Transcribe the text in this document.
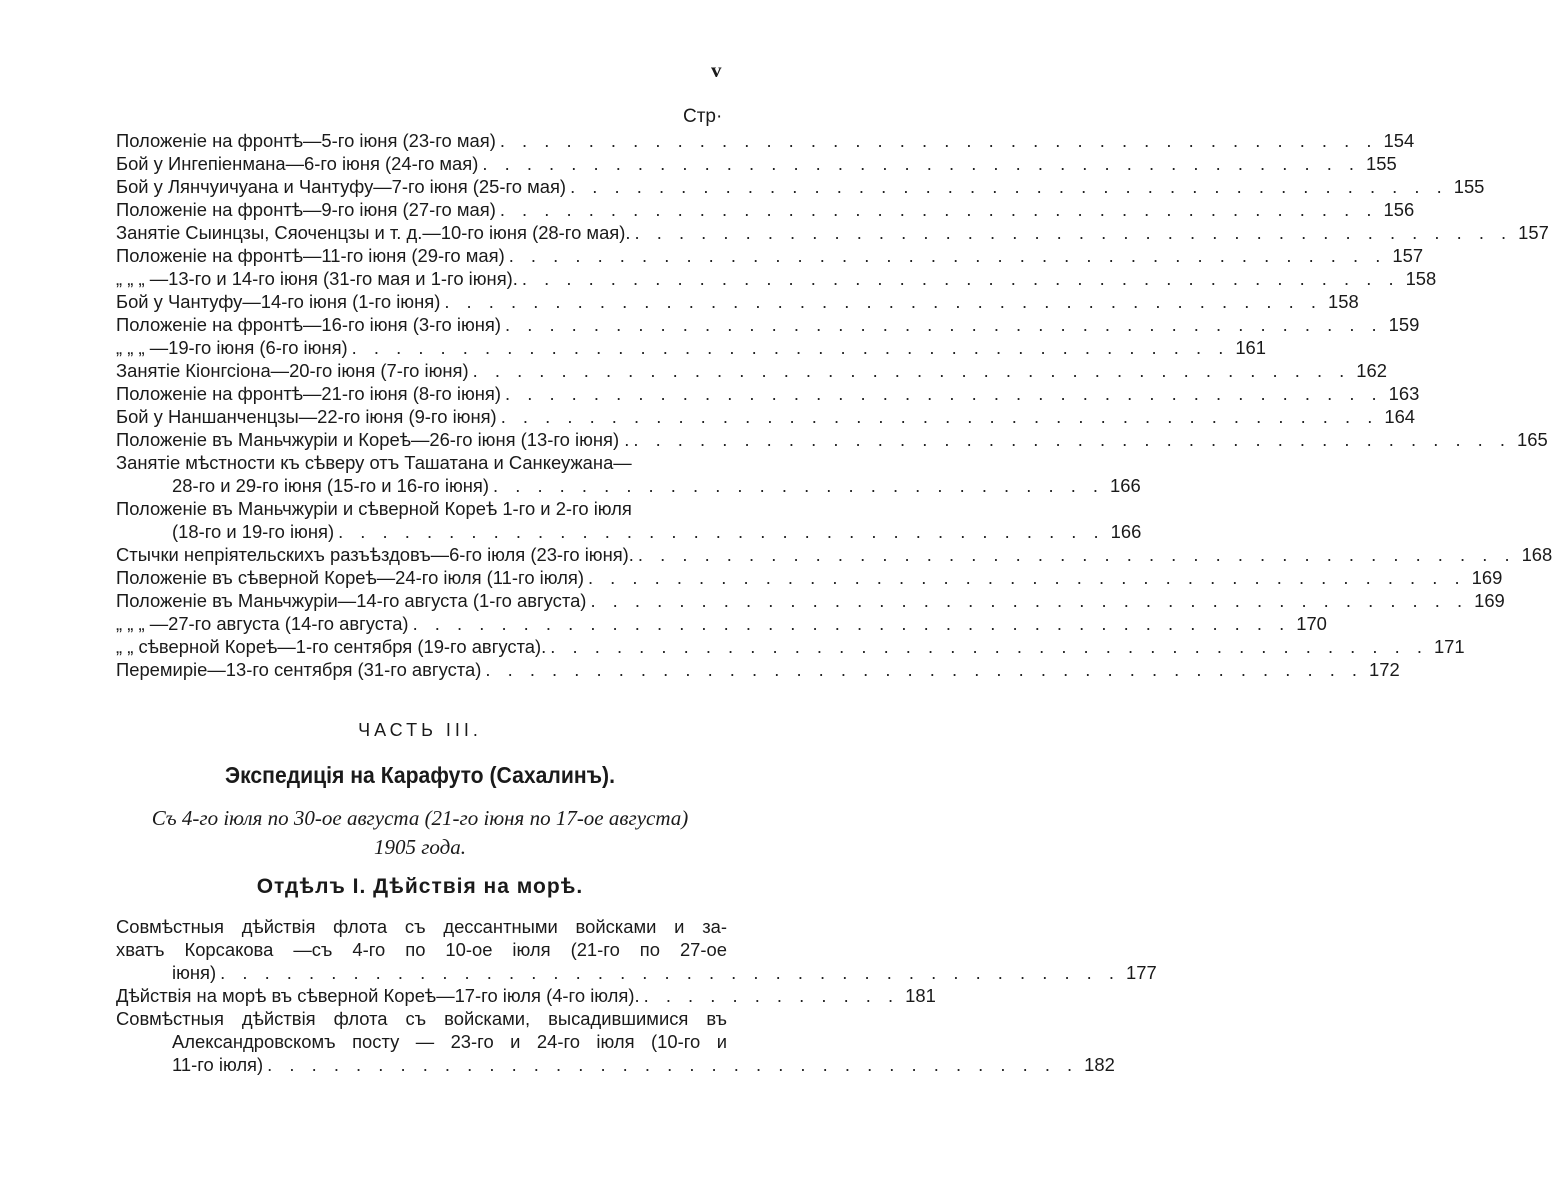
v
Стр·
Положеніе на фронтѣ—5-го іюня (23-го мая) . . . . . . . . . . . . . . . . . . . . . . . . . . . . . . . . . . . . . . . . 154
Бой у Ингепіенмана—6-го іюня (24-го мая) . . . . . . . . . . . . . . . . . . . . . . . . . . . . . . . . . . . . . . . . 155
Бой у Лянчуичуана и Чантуфу—7-го іюня (25-го мая) . . . . . . . . . . . . . . . . . . . . . . . . . . . . . . . . . . . . . . . . 155
Положеніе на фронтѣ—9-го іюня (27-го мая) . . . . . . . . . . . . . . . . . . . . . . . . . . . . . . . . . . . . . . . . 156
Занятіе Сыинцзы, Сяоченцзы и т. д.—10-го іюня (28-го мая). . . . . . . . . . . . . . . . . . . . . . . . . . . . . . . . . . . . . . . . . 157
Положеніе на фронтѣ—11-го іюня (29-го мая) . . . . . . . . . . . . . . . . . . . . . . . . . . . . . . . . . . . . . . . . 157
„ „ „ —13-го и 14-го іюня (31-го мая и 1-го іюня). . . . . . . . . . . . . . . . . . . . . . . . . . . . . . . . . . . . . . . . . 158
Бой у Чантуфу—14-го іюня (1-го іюня) . . . . . . . . . . . . . . . . . . . . . . . . . . . . . . . . . . . . . . . . 158
Положеніе на фронтѣ—16-го іюня (3-го іюня) . . . . . . . . . . . . . . . . . . . . . . . . . . . . . . . . . . . . . . . . 159
„ „ „ —19-го іюня (6-го іюня) . . . . . . . . . . . . . . . . . . . . . . . . . . . . . . . . . . . . . . . . 161
Занятіе Кіонгсіона—20-го іюня (7-го іюня) . . . . . . . . . . . . . . . . . . . . . . . . . . . . . . . . . . . . . . . . 162
Положеніе на фронтѣ—21-го іюня (8-го іюня) . . . . . . . . . . . . . . . . . . . . . . . . . . . . . . . . . . . . . . . . 163
Бой у Наншанченцзы—22-го іюня (9-го іюня) . . . . . . . . . . . . . . . . . . . . . . . . . . . . . . . . . . . . . . . . 164
Положеніе въ Маньчжуріи и Кореѣ—26-го іюня (13-го іюня) . . . . . . . . . . . . . . . . . . . . . . . . . . . . . . . . . . . . . . . . . 165
Занятіе мѣстности къ сѣверу отъ Ташатана и Санкеужана—
28-го и 29-го іюня (15-го и 16-го іюня) . . . . . . . . . . . . . . . . . . . . . . . . . . . . 166
Положеніе въ Маньчжуріи и сѣверной Кореѣ 1-го и 2-го іюля
(18-го и 19-го іюня) . . . . . . . . . . . . . . . . . . . . . . . . . . . . . . . . . . . 166
Стычки непріятельскихъ разъѣздовъ—6-го іюля (23-го іюня). . . . . . . . . . . . . . . . . . . . . . . . . . . . . . . . . . . . . . . . . 168
Положеніе въ сѣверной Кореѣ—24-го іюля (11-го іюля) . . . . . . . . . . . . . . . . . . . . . . . . . . . . . . . . . . . . . . . . 169
Положеніе въ Маньчжуріи—14-го августа (1-го августа) . . . . . . . . . . . . . . . . . . . . . . . . . . . . . . . . . . . . . . . . 169
„ „ „ —27-го августа (14-го августа) . . . . . . . . . . . . . . . . . . . . . . . . . . . . . . . . . . . . . . . . 170
„ „ сѣверной Кореѣ—1-го сентября (19-го августа). . . . . . . . . . . . . . . . . . . . . . . . . . . . . . . . . . . . . . . . . 171
Перемиріе—13-го сентября (31-го августа) . . . . . . . . . . . . . . . . . . . . . . . . . . . . . . . . . . . . . . . . 172
ЧАСТЬ III.
Экспедиція на Карафуто (Сахалинъ).
Съ 4-го іюля по 30-ое августа (21-го іюня по 17-ое августа)
1905 года.
Отдѣлъ I. Дѣйствія на морѣ.
Совмѣстныя дѣйствія флота съ дессантными войсками и за-
хватъ Корсакова —съ 4-го по 10-ое іюля (21-го по 27-ое
іюня) . . . . . . . . . . . . . . . . . . . . . . . . . . . . . . . . . . . . . . . . . 177
Дѣйствія на морѣ въ сѣверной Кореѣ—17-го іюля (4-го іюля). . . . . . . . . . . . . 181
Совмѣстныя дѣйствія флота съ войсками, высадившимися въ
Александровскомъ посту — 23-го и 24-го іюля (10-го и
11-го іюля) . . . . . . . . . . . . . . . . . . . . . . . . . . . . . . . . . . . . . 182
